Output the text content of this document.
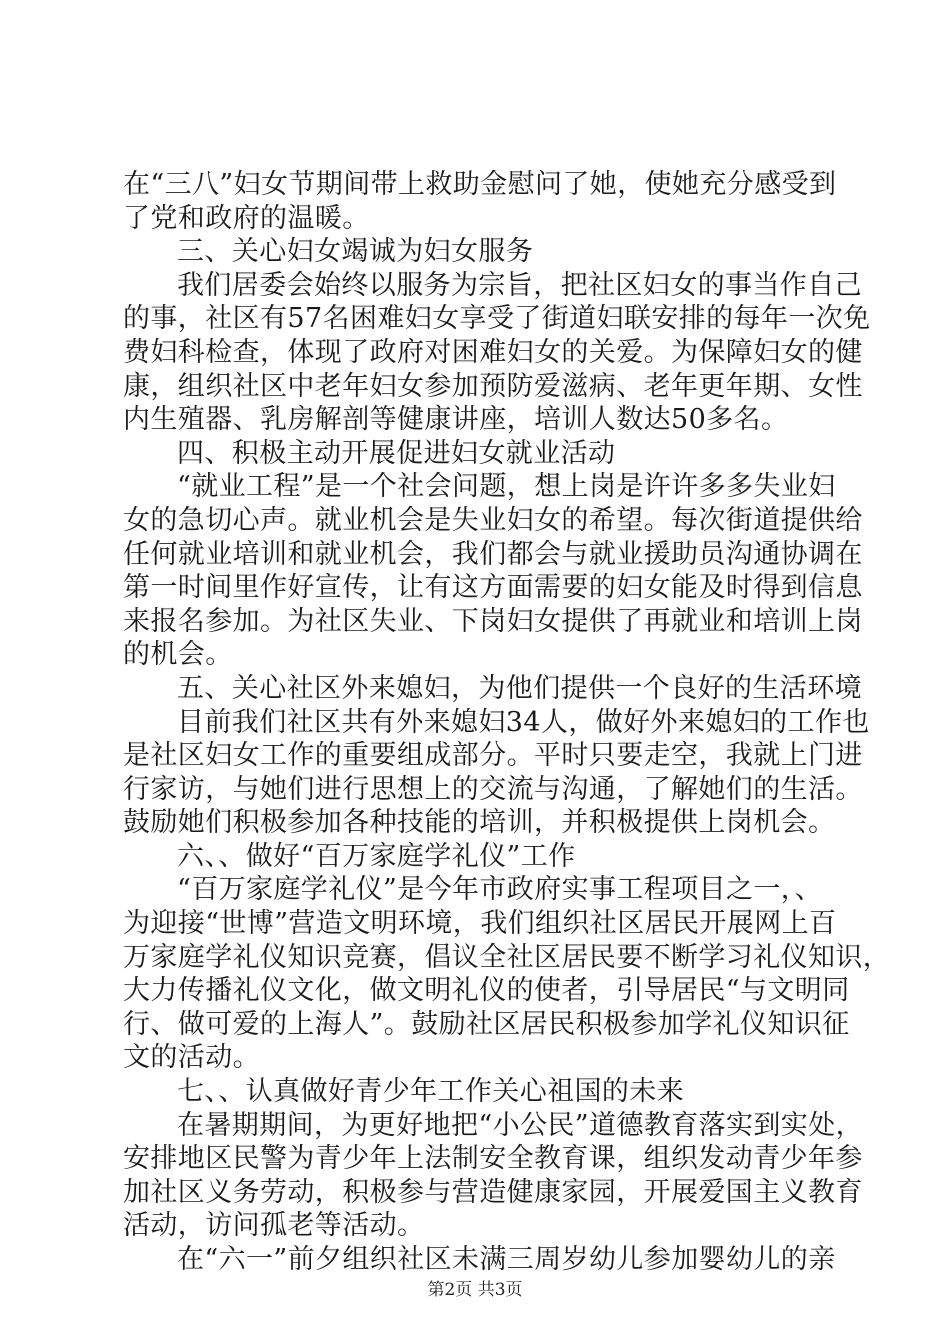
在“三八”妇女节期间带上救助金慰问了她，使她充分感受到
了党和政府的温暖。
三、关心妇女竭诚为妇女服务
我们居委会始终以服务为宗旨，把社区妇女的事当作自己
的事，社区有57名困难妇女享受了街道妇联安排的每年一次免
费妇科检查，体现了政府对困难妇女的关爱。为保障妇女的健
康，组织社区中老年妇女参加预防爱滋病、老年更年期、女性
内生殖器、乳房解剖等健康讲座，培训人数达50多名。
四、积极主动开展促进妇女就业活动
“就业工程”是一个社会问题，想上岗是许许多多失业妇
女的急切心声。就业机会是失业妇女的希望。每次街道提供给
任何就业培训和就业机会，我们都会与就业援助员沟通协调在
第一时间里作好宣传，让有这方面需要的妇女能及时得到信息
来报名参加。为社区失业、下岗妇女提供了再就业和培训上岗
的机会。
五、关心社区外来媳妇，为他们提供一个良好的生活环境
目前我们社区共有外来媳妇34人，做好外来媳妇的工作也
是社区妇女工作的重要组成部分。平时只要走空，我就上门进
行家访，与她们进行思想上的交流与沟通，了解她们的生活。
鼓励她们积极参加各种技能的培训，并积极提供上岗机会。
六、、做好“百万家庭学礼仪”工作
“百万家庭学礼仪”是今年市政府实事工程项目之一，、
为迎接“世博”营造文明环境，我们组织社区居民开展网上百
万家庭学礼仪知识竞赛，倡议全社区居民要不断学习礼仪知识，
大力传播礼仪文化，做文明礼仪的使者，引导居民“与文明同
行、做可爱的上海人”。鼓励社区居民积极参加学礼仪知识征
文的活动。
七、、认真做好青少年工作关心祖国的未来
在暑期期间，为更好地把“小公民”道德教育落实到实处，
安排地区民警为青少年上法制安全教育课，组织发动青少年参
加社区义务劳动，积极参与营造健康家园，开展爱国主义教育
活动，访问孤老等活动。
在“六一”前夕组织社区未满三周岁幼儿参加婴幼儿的亲
第2页 共3页
